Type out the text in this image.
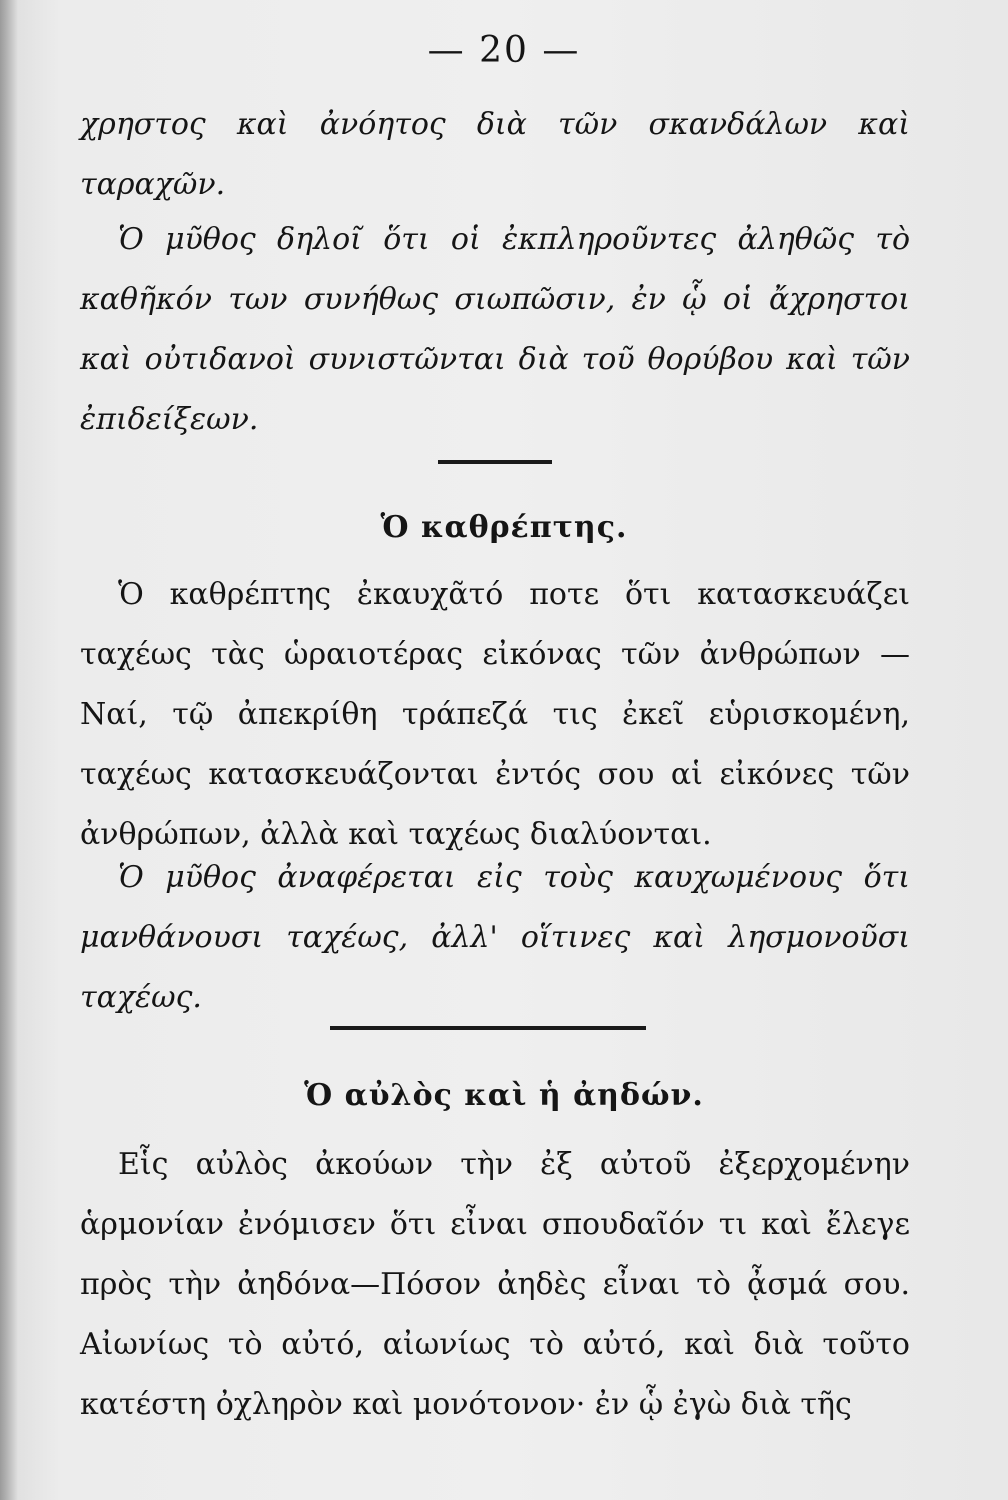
— 20 —

χρηστος καὶ ἀνόητος διὰ τῶν σκανδάλων καὶ ταραχῶν.

Ὁ μῦθος δηλοῖ ὅτι οἱ ἐκπληροῦντες ἀληθῶς τὸ καθῆκόν των συνήθως σιωπῶσιν, ἐν ᾧ οἱ ἄχρηστοι καὶ οὐτιδανοὶ συνιστῶνται διὰ τοῦ θορύβου καὶ τῶν ἐπιδείξεων.

Ὁ καθρέπτης.

Ὁ καθρέπτης ἐκαυχᾶτό ποτε ὅτι κατασκευάζει ταχέως τὰς ὡραιοτέρας εἰκόνας τῶν ἀνθρώπων — Ναί, τῷ ἀπεκρίθη τράπεζά τις ἐκεῖ εὑρισκομένη, ταχέως κατασκευάζονται ἐντός σου αἱ εἰκόνες τῶν ἀνθρώπων, ἀλλὰ καὶ ταχέως διαλύονται.

Ὁ μῦθος ἀναφέρεται εἰς τοὺς καυχωμένους ὅτι μανθάνουσι ταχέως, ἀλλ' οἵτινες καὶ λησμονοῦσι ταχέως.

Ὁ αὐλὸς καὶ ἡ ἀηδών.

Εἷς αὐλὸς ἀκούων τὴν ἐξ αὐτοῦ ἐξερχομένην ἁρμονίαν ἐνόμισεν ὅτι εἶναι σπουδαῖόν τι καὶ ἔλεγε πρὸς τὴν ἀηδόνα—Πόσον ἀηδὲς εἶναι τὸ ᾆσμά σου. Αἰωνίως τὸ αὐτό, αἰωνίως τὸ αὐτό, καὶ διὰ τοῦτο κατέστη ὀχληρὸν καὶ μονότονον· ἐν ᾧ ἐγὼ διὰ τῆς
